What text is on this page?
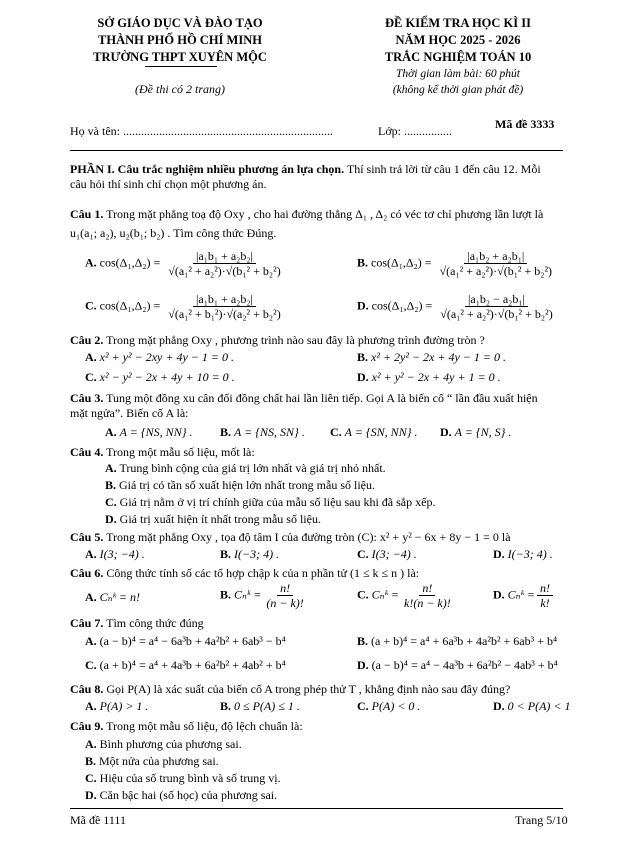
SỞ GIÁO DỤC VÀ ĐÀO TẠO
THÀNH PHỐ HỒ CHÍ MINH
TRƯỜNG THPT XUYÊN MỘC
(Đề thi có 2 trang)
ĐỀ KIỂM TRA HỌC KÌ II
NĂM HỌC 2025 - 2026
TRẮC NGHIỆM TOÁN 10
Thời gian làm bài: 60 phút
(không kể thời gian phát đề)
Mã đề 3333
Họ và tên: ......................................................................	Lớp: ................
PHẦN I. Câu trắc nghiệm nhiều phương án lựa chọn. Thí sinh trả lời từ câu 1 đến câu 12. Mỗi
câu hỏi thí sinh chỉ chọn một phương án.
Câu 1. Trong mặt phẳng toạ độ Oxy , cho hai đường thẳng Δ₁ , Δ₂ có véc tơ chỉ phương lần lượt là
u₁(a₁; a₂), u₂(b₁; b₂) . Tìm công thức Đúng.
A. $\cos(\Delta_1,\Delta_2) = \frac{\text{|a₁b₁ + a₂b₂|}}{\text{√(a₁² + a₂²)·√(b₁² + b₂²)}}$	B. $\cos(\Delta_1,\Delta_2) = \frac{\text{|a₁b₂ + a₂b₁|}}{\text{√(a₁² + a₂²)·√(b₁² + b₂²)}}$
C. $\cos(\Delta_1,\Delta_2) = \frac{\text{|a₁b₁ + a₂b₂|}}{\text{√(a₁² + b₁²)·√(a₂² + b₂²)}}$	D. $\cos(\Delta_1,\Delta_2) = \frac{\text{|a₁b₂ − a₂b₁|}}{\text{√(a₁² + a₂²)·√(b₁² + b₂²)}}$
Câu 2. Trong mặt phẳng Oxy , phương trình nào sau đây là phương trình đường tròn ?
A. x² + y² − 2xy + 4y − 1 = 0 .	B. x² + 2y² − 2x + 4y − 1 = 0 .
C. x² − y² − 2x + 4y + 10 = 0 .	D. x² + y² − 2x + 4y + 1 = 0 .
Câu 3. Tung một đồng xu cân đối đồng chất hai lần liên tiếp. Gọi A là biến cố “ lần đầu xuất hiện
mặt ngửa”. Biến cố A là:
A. A = {NS, NN} . B. A = {NS, SN} . C. A = {SN, NN} . D. A = {N, S} .
Câu 4. Trong một mẫu số liệu, mốt là:
A. Trung bình cộng của giá trị lớn nhất và giá trị nhỏ nhất.
B. Giá trị có tần số xuất hiện lớn nhất trong mẫu số liệu.
C. Giá trị nằm ở vị trí chính giữa của mẫu số liệu sau khi đã sắp xếp.
D. Giá trị xuất hiện ít nhất trong mẫu số liệu.
Câu 5. Trong mặt phẳng Oxy , tọa độ tâm I của đường tròn (C): x² + y² − 6x + 8y − 1 = 0 là
A. I(3; −4) .	B. I(−3; 4) .	C. I(3; −4) .	D. I(−3; 4) .
Câu 6. Công thức tính số các tổ hợp chập k của n phần tử (1 ≤ k ≤ n ) là:
A. Cₙᵏ = n!	B. Cₙᵏ = $\frac{n!}{(n - k)!}$	C. Cₙᵏ = $\frac{n!}{k!(n - k)!}$	D. Cₙᵏ = $\frac{n!}{k!}$
Câu 7. Tìm công thức đúng
A. (a − b)⁴ = a⁴ − 6a³b + 4a²b² + 6ab³ − b⁴	B. (a + b)⁴ = a⁴ + 6a³b + 4a²b² + 6ab³ + b⁴
C. (a + b)⁴ = a⁴ + 4a³b + 6a²b² + 4ab² + b⁴	D. (a − b)⁴ = a⁴ − 4a³b + 6a²b² − 4ab³ + b⁴
Câu 8. Gọi P(A) là xác suất của biến cố A trong phép thử T , khẳng định nào sau đây đúng?
A. P(A) > 1 .	B. 0 ≤ P(A) ≤ 1 .	C. P(A) < 0 .	D. 0 < P(A) < 1
Câu 9. Trong một mẫu số liệu, độ lệch chuẩn là:
A. Bình phương của phương sai.
B. Một nửa của phương sai.
C. Hiệu của số trung bình và số trung vị.
D. Căn bậc hai (số học) của phương sai.
Mã đề 1111	Trang 5/10
